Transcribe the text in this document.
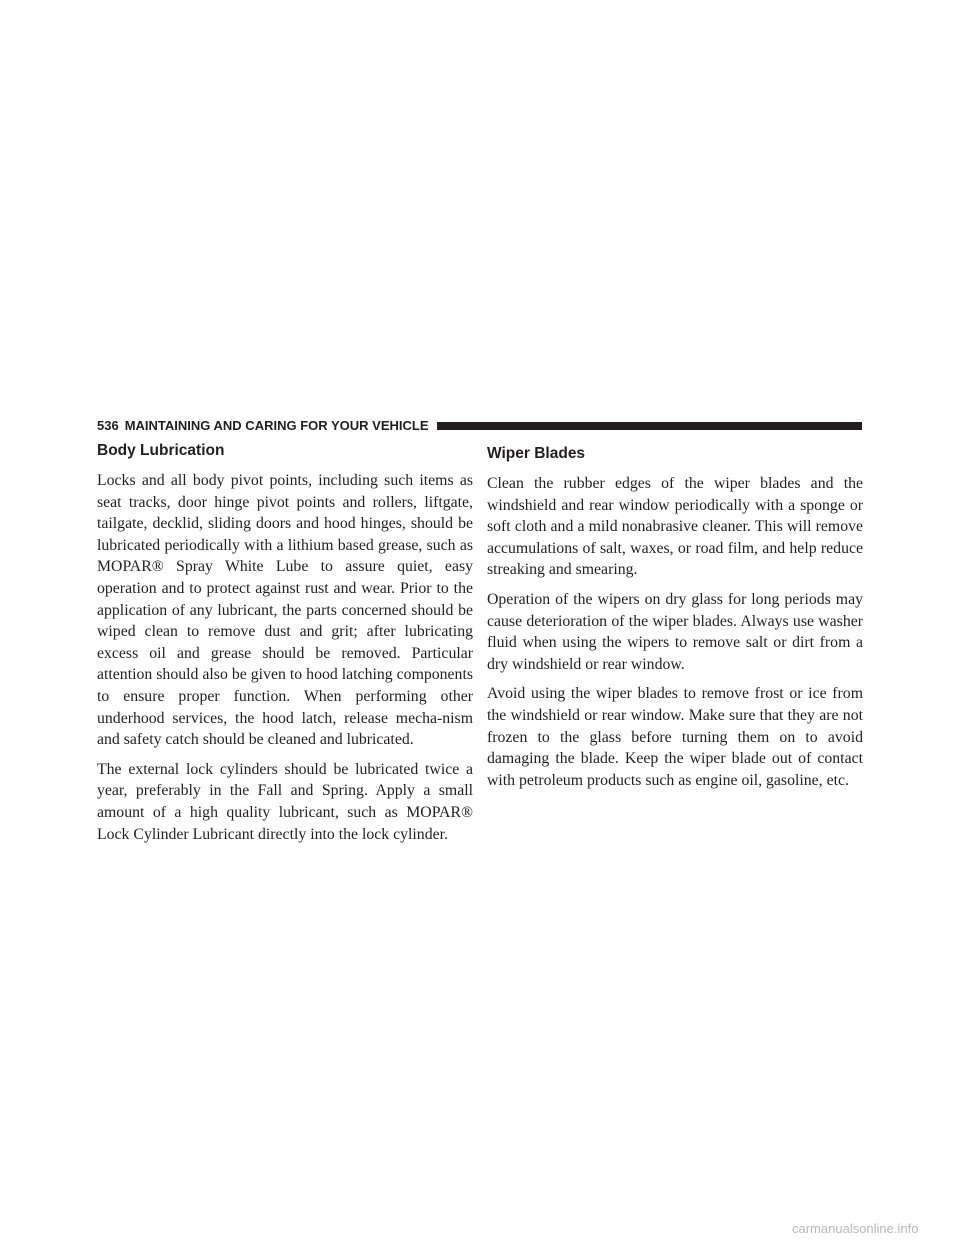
536 MAINTAINING AND CARING FOR YOUR VEHICLE
Body Lubrication

Locks and all body pivot points, including such items as seat tracks, door hinge pivot points and rollers, liftgate, tailgate, decklid, sliding doors and hood hinges, should be lubricated periodically with a lithium based grease, such as MOPAR® Spray White Lube to assure quiet, easy operation and to protect against rust and wear. Prior to the application of any lubricant, the parts concerned should be wiped clean to remove dust and grit; after lubricating excess oil and grease should be removed. Particular attention should also be given to hood latching components to ensure proper function. When performing other underhood services, the hood latch, release mecha-nism and safety catch should be cleaned and lubricated.

The external lock cylinders should be lubricated twice a year, preferably in the Fall and Spring. Apply a small amount of a high quality lubricant, such as MOPAR® Lock Cylinder Lubricant directly into the lock cylinder.

Wiper Blades

Clean the rubber edges of the wiper blades and the windshield and rear window periodically with a sponge or soft cloth and a mild nonabrasive cleaner. This will remove accumulations of salt, waxes, or road film, and help reduce streaking and smearing.

Operation of the wipers on dry glass for long periods may cause deterioration of the wiper blades. Always use washer fluid when using the wipers to remove salt or dirt from a dry windshield or rear window.

Avoid using the wiper blades to remove frost or ice from the windshield or rear window. Make sure that they are not frozen to the glass before turning them on to avoid damaging the blade. Keep the wiper blade out of contact with petroleum products such as engine oil, gasoline, etc.

carmanualsonline.info
